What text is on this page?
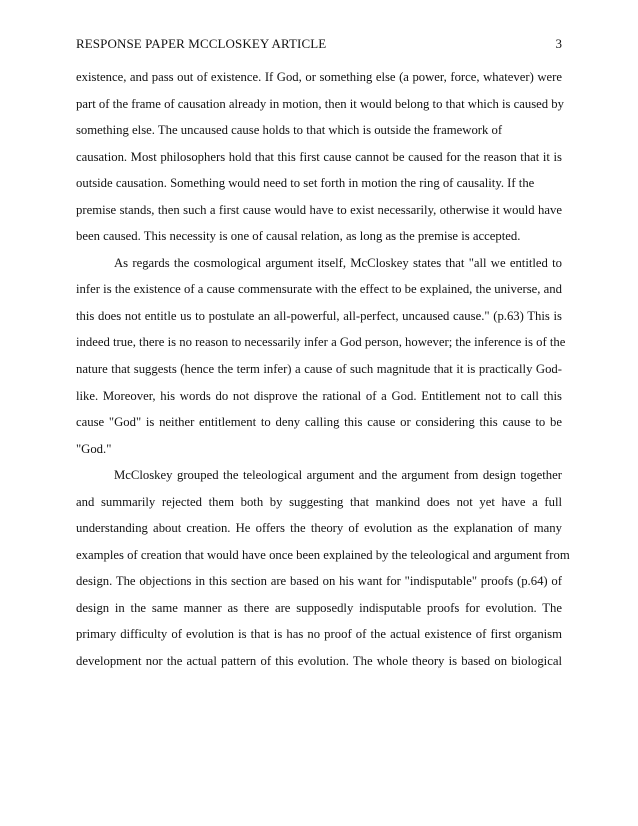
RESPONSE PAPER MCCLOSKEY ARTICLE	3
existence, and pass out of existence. If God, or something else (a power, force, whatever) were
part of the frame of causation already in motion, then it would belong to that which is caused by
something else. The uncaused cause holds to that which is outside the framework of
causation. Most philosophers hold that this first cause cannot be caused for the reason that it is
outside causation. Something would need to set forth in motion the ring of causality. If the
premise stands, then such a first cause would have to exist necessarily, otherwise it would have
been caused. This necessity is one of causal relation, as long as the premise is accepted.
As regards the cosmological argument itself, McCloskey states that "all we entitled to
infer is the existence of a cause commensurate with the effect to be explained, the universe, and
this does not entitle us to postulate an all-powerful, all-perfect, uncaused cause." (p.63) This is
indeed true, there is no reason to necessarily infer a God person, however; the inference is of the
nature that suggests (hence the term infer) a cause of such magnitude that it is practically God-
like. Moreover, his words do not disprove the rational of a God. Entitlement not to call this
cause "God" is neither entitlement to deny calling this cause or considering this cause to be
"God."
McCloskey grouped the teleological argument and the argument from design together
and summarily rejected them both by suggesting that mankind does not yet have a full
understanding about creation. He offers the theory of evolution as the explanation of many
examples of creation that would have once been explained by the teleological and argument from
design. The objections in this section are based on his want for "indisputable" proofs (p.64) of
design in the same manner as there are supposedly indisputable proofs for evolution. The
primary difficulty of evolution is that is has no proof of the actual existence of first organism
development nor the actual pattern of this evolution. The whole theory is based on biological
